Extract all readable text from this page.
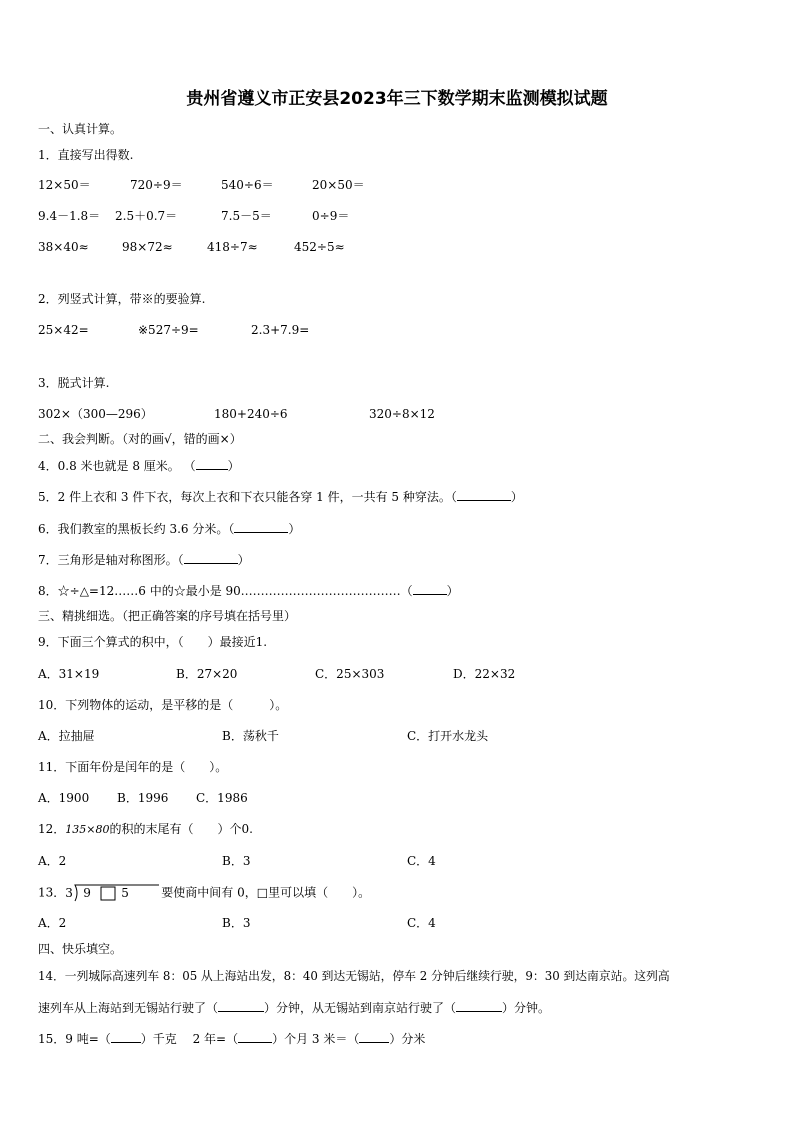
贵州省遵义市正安县2023年三下数学期末监测模拟试题
一、认真计算。
1．直接写出得数.
12×50＝	720÷9＝	540÷6＝	20×50＝
9.4－1.8＝ 2.5＋0.7＝	7.5－5＝	0÷9＝
38×40≈	98×72≈	418÷7≈	452÷5≈
2．列竖式计算，带※的要验算.
25×42=	※527÷9=	2.3+7.9=
3．脱式计算.
302×（300—296）	180+240÷6	320÷8×12
二、我会判断。（对的画√，错的画×）
4．0.8 米也就是 8 厘米。 （	）
5．2 件上衣和 3 件下衣，每次上衣和下衣只能各穿 1 件，一共有 5 种穿法。（	）
6．我们教室的黑板长约 3.6 分米。（	）
7．三角形是轴对称图形。（	）
8．☆÷△=12……6 中的☆最小是 90.…………………………………（	）
三、精挑细选。（把正确答案的序号填在括号里）
9．下面三个算式的积中，（　　）最接近1.
A．31×19	B．27×20	C．25×303	D．22×32
10．下列物体的运动，是平移的是（　　　）。
A．拉抽屉	B．荡秋千	C．打开水龙头
11．下面年份是闰年的是（　　）。
A．1900 B．1996 C．1986
12．135×80的积的末尾有（　　）个0.
A．2	B．3	C．4
13． 3 9	5	要使商中间有 0，□里可以填（　　）。
A．2	B．3	C．4
四、快乐填空。
14．一列城际高速列车 8：05 从上海站出发，8：40 到达无锡站，停车 2 分钟后继续行驶，9：30 到达南京站。这列高
速列车从上海站到无锡站行驶了（	）分钟，从无锡站到南京站行驶了（	）分钟。
15．9 吨=（	）千克　 2 年=（	）个月 3 米＝（	）分米
